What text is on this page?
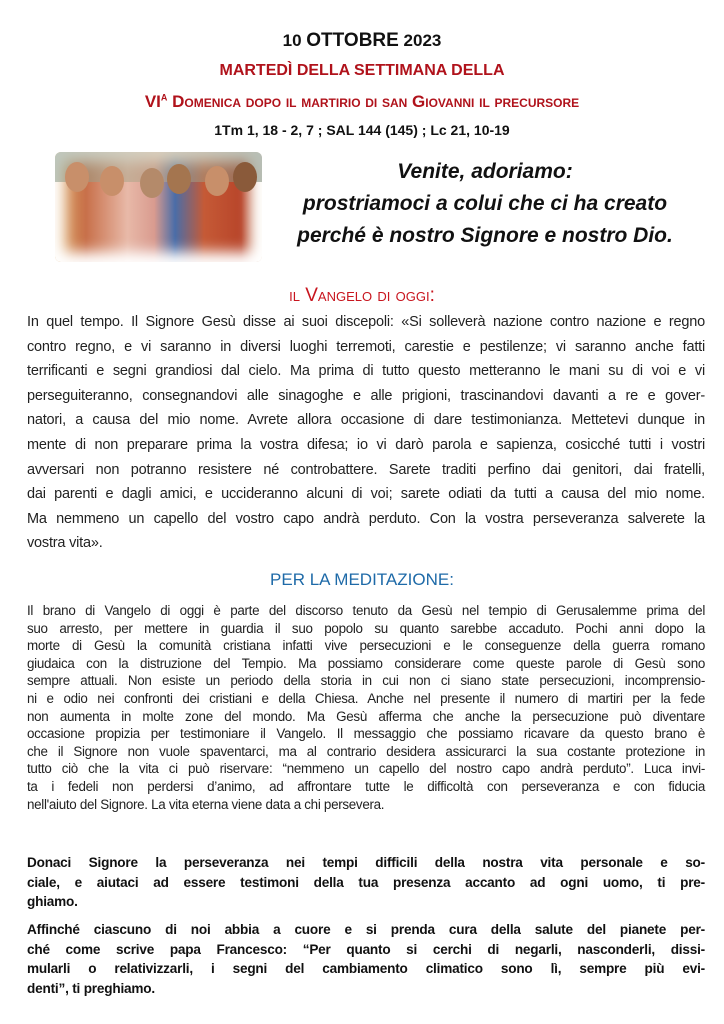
10 OTTOBRE 2023
MARTEDÌ DELLA SETTIMANA DELLA
$VI^A$ Domenica dopo il martirio di san Giovanni il precursore
1Tm 1, 18 - 2, 7 ; SAL 144 (145) ; Lc 21, 10-19
Venite, adoriamo:
prostriamoci a colui che ci ha creato
perché è nostro Signore e nostro Dio.
il Vangelo di oggi:
In quel tempo. Il Signore Gesù disse ai suoi discepoli: «Si solleverà nazione contro nazione e regno
contro regno, e vi saranno in diversi luoghi terremoti, carestie e pestilenze; vi saranno anche fatti
terrificanti e segni grandiosi dal cielo. Ma prima di tutto questo metteranno le mani su di voi e vi
perseguiteranno, consegnandovi alle sinagoghe e alle prigioni, trascinandovi davanti a re e gover-
natori, a causa del mio nome. Avrete allora occasione di dare testimonianza. Mettetevi dunque in
mente di non preparare prima la vostra difesa; io vi darò parola e sapienza, cosicché tutti i vostri
avversari non potranno resistere né controbattere. Sarete traditi perfino dai genitori, dai fratelli,
dai parenti e dagli amici, e uccideranno alcuni di voi; sarete odiati da tutti a causa del mio nome.
Ma nemmeno un capello del vostro capo andrà perduto. Con la vostra perseveranza salverete la
vostra vita».
PER LA MEDITAZIONE:
Il brano di Vangelo di oggi è parte del discorso tenuto da Gesù nel tempio di Gerusalemme prima del
suo arresto, per mettere in guardia il suo popolo su quanto sarebbe accaduto. Pochi anni dopo la
morte di Gesù la comunità cristiana infatti vive persecuzioni e le conseguenze della guerra romano
giudaica con la distruzione del Tempio. Ma possiamo considerare come queste parole di Gesù sono
sempre attuali. Non esiste un periodo della storia in cui non ci siano state persecuzioni, incomprensio-
ni e odio nei confronti dei cristiani e della Chiesa. Anche nel presente il numero di martiri per la fede
non aumenta in molte zone del mondo. Ma Gesù afferma che anche la persecuzione può diventare
occasione propizia per testimoniare il Vangelo. Il messaggio che possiamo ricavare da questo brano è
che il Signore non vuole spaventarci, ma al contrario desidera assicurarci la sua costante protezione in
tutto ciò che la vita ci può riservare: “nemmeno un capello del nostro capo andrà perduto”. Luca invi-
ta i fedeli non perdersi d’animo, ad affrontare tutte le difficoltà con perseveranza e con fiducia
nell'aiuto del Signore. La vita eterna viene data a chi persevera.
Donaci Signore la perseveranza nei tempi difficili della nostra vita personale e so-
ciale, e aiutaci ad essere testimoni della tua presenza accanto ad ogni uomo, ti pre-
ghiamo.
Affinché ciascuno di noi abbia a cuore e si prenda cura della salute del pianete per-
ché come scrive papa Francesco: “Per quanto si cerchi di negarli, nasconderli, dissi-
mularli o relativizzarli, i segni del cambiamento climatico sono lì, sempre più evi-
denti”, ti preghiamo.
